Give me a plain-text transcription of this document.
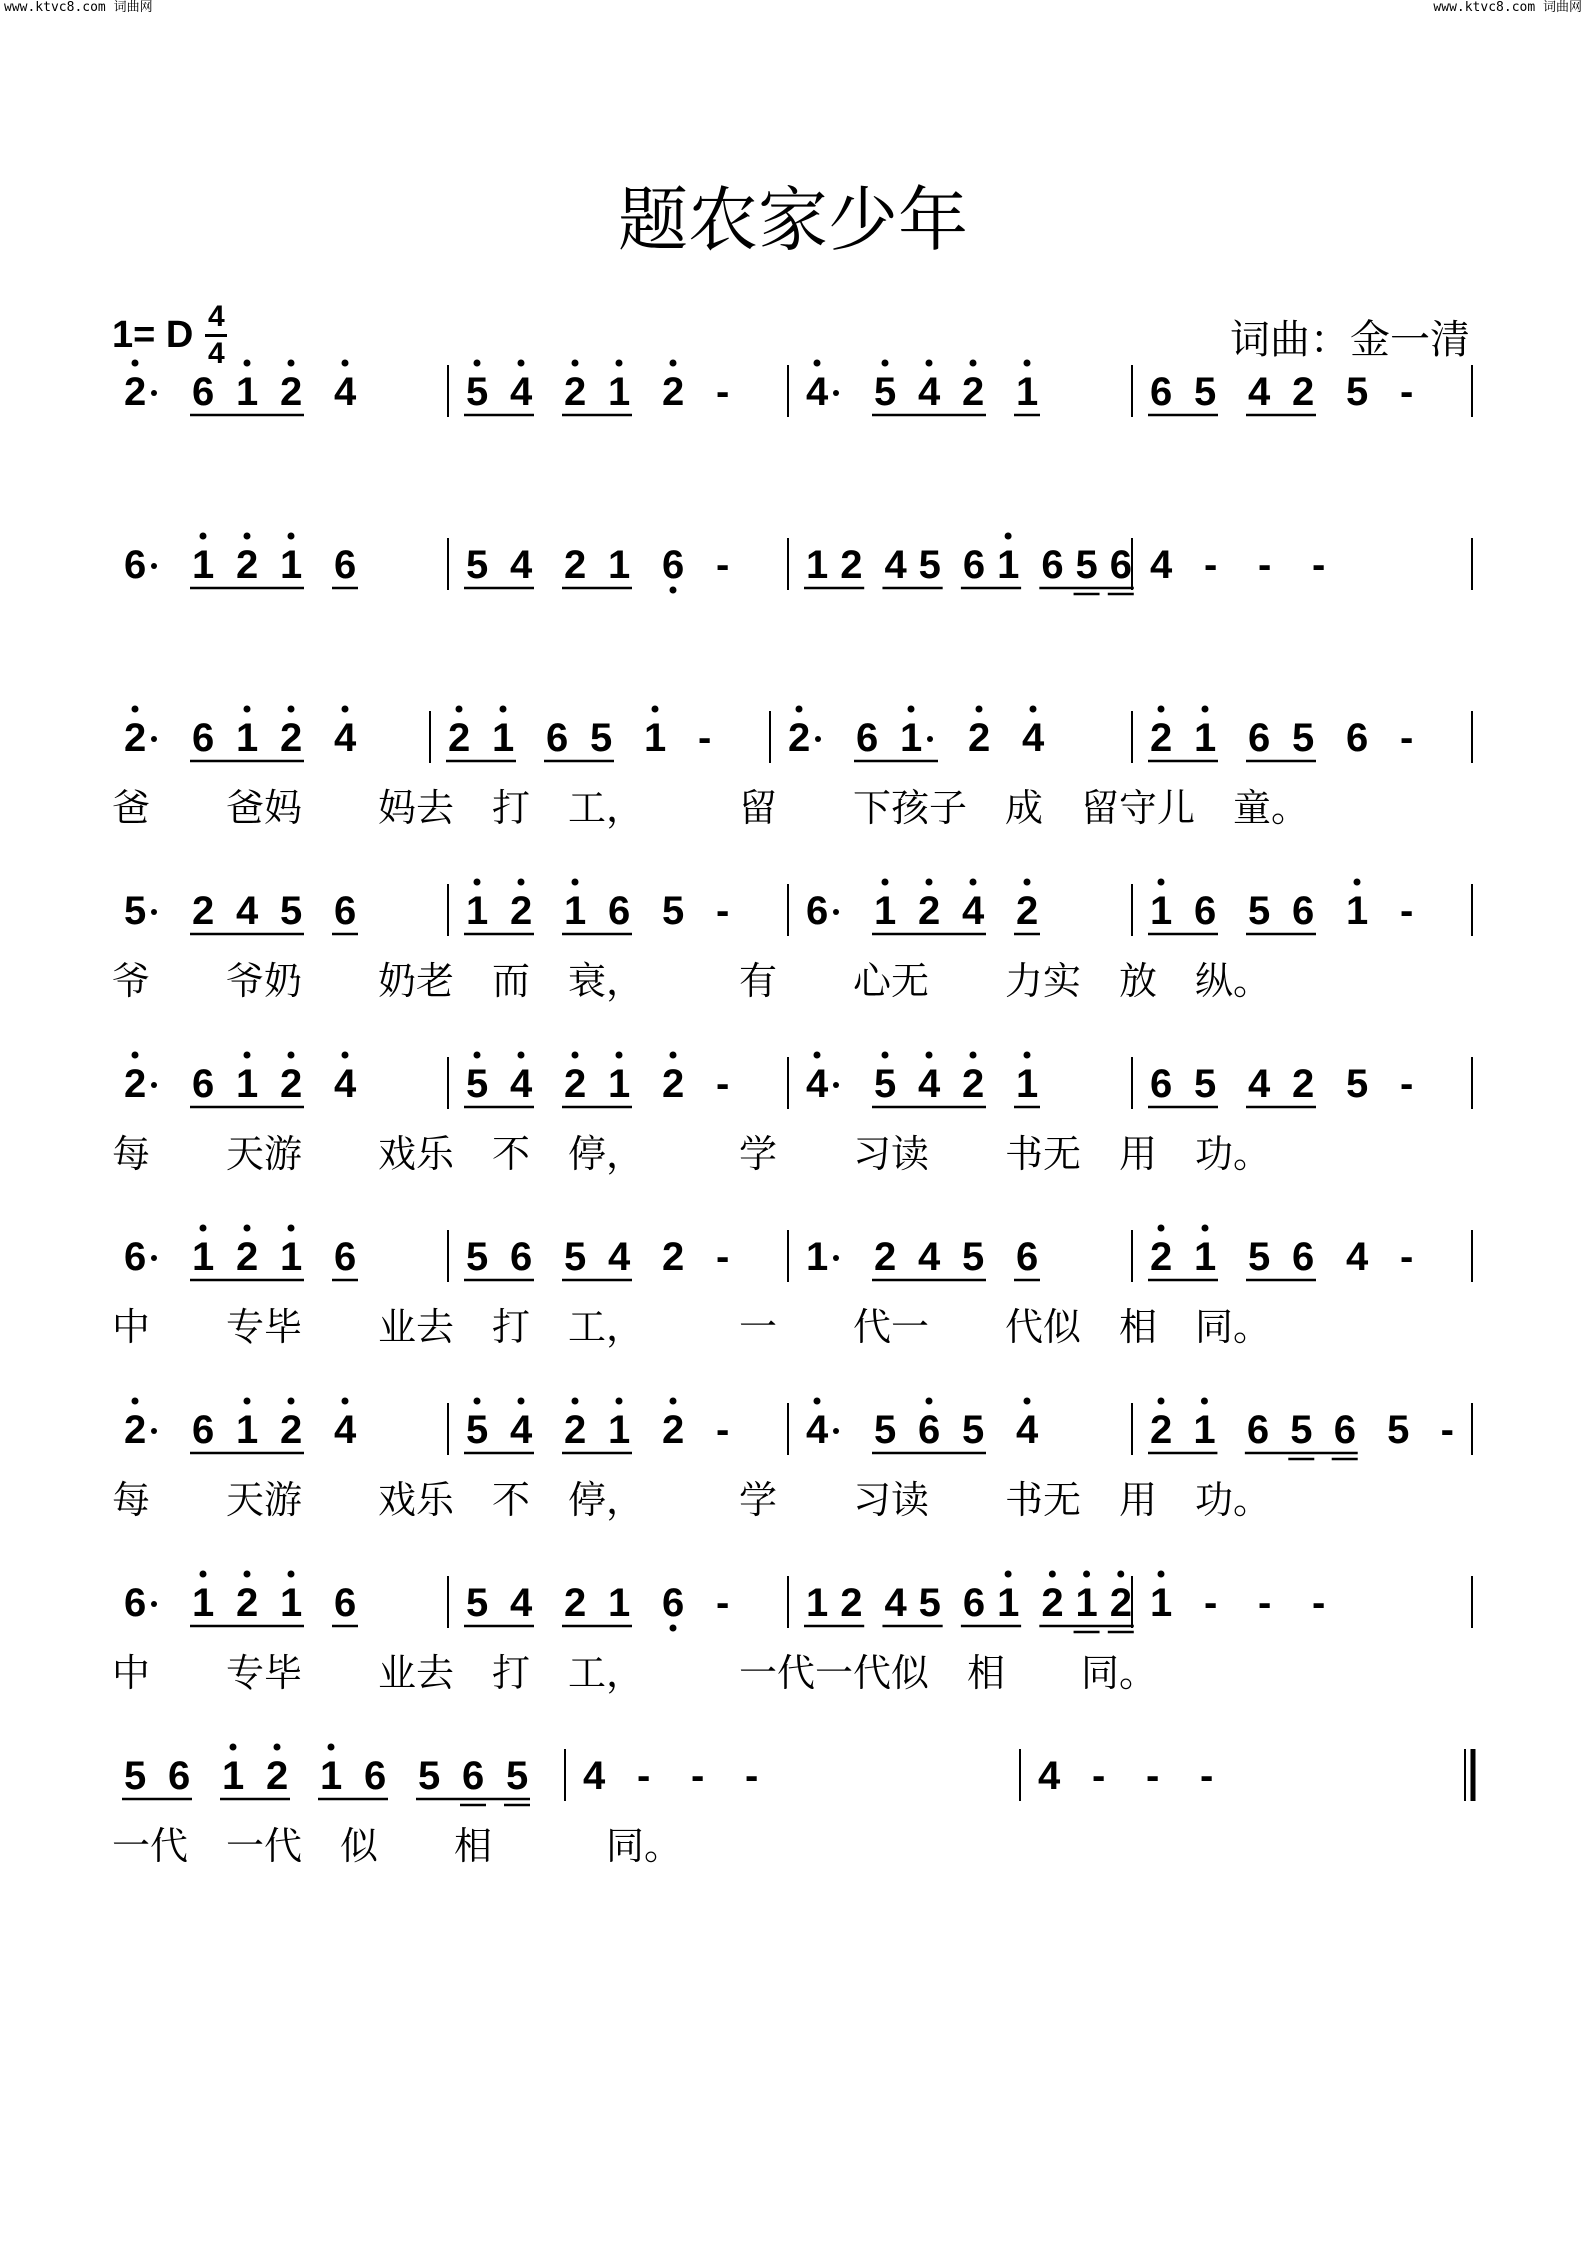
www.ktvc8.com 词曲网	www.ktvc8.com 词曲网
题农家少年
1= D 4
4	词曲：金一清
2 6 1 2 4	5 4 2 1 2 - 4 5 4 2 1	6 5 4 2 5 -
6 1 2 1 6	5 4 2 1 6 - 1 2 4 5 6 1 6 5 6 4 - - -
2 6 1 2 4 2 1 6 5 1 - 2 6 1 2 4	2 1 6 5 6 -
爸　　爸妈　　妈去　打　工，　　　留　　下孩子　成　留守儿　童。
5 2 4 5 6	1 2 1 6 5 - 6 1 2 4 2	1 6 5 6 1 -
爷　　爷奶　　奶老　而　衰，　　　有　　心无　　力实　放　纵。
2 6 1 2 4	5 4 2 1 2 - 4 5 4 2 1	6 5 4 2 5 -
每　　天游　　戏乐　不　停，　　　学　　习读　　书无　用　功。
6 1 2 1 6	5 6 5 4 2 - 1 2 4 5 6	2 1 5 6 4 -
中　　专毕　　业去　打　工，　　　一　　代一　　代似　相　同。
2 6 1 2 4	5 4 2 1 2 - 4 5 6 5 4	2 1 6 5 6 5 -
每　　天游　　戏乐　不　停，　　　学　　习读　　书无　用　功。
6 1 2 1 6	5 4 2 1 6 - 1 2 4 5 6 1 2 1 2 1 - - -
中　　专毕　　业去　打　工，　　　一代一代似　相　　同。
5 6 1 2 1 6 5 6 5 4 - - -	4 - - -
一代　一代　似　　相　　　同。
